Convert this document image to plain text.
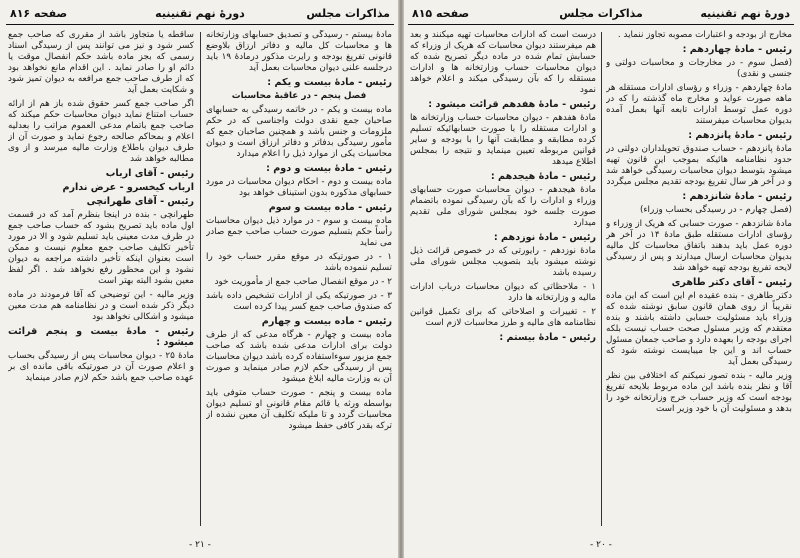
مذاکرات مجلس
دورهٔ نهم تقنینیه
صفحه ۸۱۶

مادهٔ بیستم - رسیدگی و تصدیق حسابهای وزارتخانه ها و محاسبات کل مالیه و دفاتر ارزاق بلاوضع قانونی تفریغ بودجه و رایرت مذکور درمادهٔ ۱۹ باید درجلسه علنی دیوان محاسبات بعمل آید

رئیس - مادهٔ بیست و یکم :

فصل پنجم - در عاقبهٔ محاسبات

ماده بیست و یکم - در خاتمه رسیدگی به حسابهای صاحبان جمع نقدی دولت واجناسی که در حکم ملزومات و جنس باشد و همچنین صاحبان جمع که مأمور رسیدگی بدفاتر و دفاتر ارزاق است و دیوان محاسبات یکی از موارد ذیل را اعلام میدارد

رئیس - مادهٔ بیست و دوم :

ماده بیست و دوم - احکام دیوان محاسبات در مورد حسابهای مذکوره بدون استیناف خواهد بود

رئیس - ماده بیست و سوم

ماده بیست و سوم - در موارد ذیل دیوان محاسبات رأساً حکم بتسلیم صورت حساب صاحب جمع صادر می نماید

۱ - در صورتیکه در موقع مقرر حساب خود را تسلیم ننموده باشد

۲ - در موقع انفصال صاحب جمع از مأموریت خود

۳ - در صورتیکه یکی از ادارات تشخیص داده باشد که صندوق صاحب جمع کسر پیدا کرده است

رئیس - ماده بیست و چهارم

ماده بیست و چهارم - هرگاه مدعی که از طرف دولت برای ادارات مدعی شده باشد که صاحب جمع مزبور سوءاستفاده کرده باشد دیوان محاسبات پس از رسیدگی حکم لازم صادر مینماید و صورت آن به وزارت مالیه ابلاغ میشود

ماده بیست و پنجم - صورت حساب متوفی باید بواسطه ورثه یا قائم مقام قانونی او تسلیم دیوان محاسبات گردد و تا ملیکه تکلیف آن معین نشده از ترکه بقدر کافی حفظ میشود

ساقطه یا متجاوز باشد از مقرری که صاحب جمع کسر شود و نیز می توانند پس از رسیدگی اسناد رسمی که بجز ماده باشد حکم انفصال موقت یا دائم او را صادر نماید . این اقدام مانع نخواهد بود که از طرف صاحب جمع مرافعه به دیوان تمیز شود و شکایت بعمل آید

اگر صاحب جمع کسر حقوق شده باز هم از ارائه حساب امتناع نماید دیوان محاسبات حکم میکند که صاحب جمع باتمام مدعی العموم مراتب را بعدلیه اعلام و بمحاکم صالحه رجوع نماید و صورت آن از طرف دیوان باطلاع وزارت مالیه میرسد و از وی مطالبه خواهد شد

رئیس - آقای ارباب

ارباب کیخسرو - عرض ندارم

رئیس - آقای طهرانچی

طهرانچی - بنده در اینجا بنظرم آمد که در قسمت اول ماده باید تصریح بشود که حساب صاحب جمع در ظرف مدت معینی باید تسلیم شود و الا در مورد تأخیر تکلیف صاحب جمع معلوم نیست و ممکن است بعنوان اینکه تأخیر داشته مراجعه به دیوان نشود و این محظور رفع نخواهد شد . اگر لفظ معین بشود البته بهتر است

وزیر مالیه - این توضیحی که آقا فرمودند در ماده دیگر ذکر شده است و در نظامنامه هم مدت معین میشود و اشکالی نخواهد بود

رئیس - مادهٔ بیست و پنجم قرائت میشود :

مادهٔ ۲۵ - دیوان محاسبات پس از رسیدگی بحساب و اعلام صورت آن در صورتیکه باقی مانده ای بر عهده صاحب جمع باشد حکم لازم صادر مینماید

- ۲۱ -
دورهٔ نهم تقنینیه
مذاکرات مجلس
صفحه ۸۱۵

مخارج از بودجه و اعتبارات مصوبه تجاوز ننماید .

رئیس - مادهٔ چهاردهم :

(فصل سوم - در مخارجات و محاسبات دولتی و جنسی و نقدی)

مادهٔ چهاردهم - وزراء و رؤسای ادارات مستقله هر ماهه صورت عواید و مخارج ماه گذشته را که در دوره عمل توسط ادارات تابعه آنها بعمل آمده بدیوان محاسبات میفرستند

رئیس - مادهٔ پانزدهم :

مادهٔ پانزدهم - حساب صندوق تحویلداران دولتی در حدود نظامنامه هائیکه بموجب این قانون تهیه میشود بتوسط دیوان محاسبات رسیدگی خواهد شد و در آخر هر سال تفریغ بودجه تقدیم مجلس میگردد

رئیس - مادهٔ شانزدهم :

(فصل چهارم - در رسیدگی بحساب وزراء)

مادهٔ شانزدهم - صورت حسابی که هریک از وزراء و رؤسای ادارات مستقله طبق مادهٔ ۱۴ در آخر هر دوره عمل باید بدهند باتفاق محاسبات کل مالیه بدیوان محاسبات ارسال میدارند و پس از رسیدگی لایحه تفریغ بودجه تهیه خواهد شد

رئیس - آقای دکتر طاهری

دکتر طاهری - بنده عقیده ام این است که این ماده نقریباً از روی همان قانون سابق نوشته شده که وزراء باید مسئولیت حسابی داشته باشند و بنده معتقدم که وزیر مسئول صحت حساب نیست بلکه اجرای بودجه را بعهده دارد و صاحب جمعان مسئول حساب اند و این جا میبایست نوشته شود که رسیدگی بعمل آید

وزیر مالیه - بنده تصور نمیکنم که اختلافی بین نظر آقا و نظر بنده باشد این ماده مربوط بلایحه تفریغ بودجه است که وزیر حساب خرج وزارتخانه خود را بدهد و مسئولیت آن با خود وزیر است

درست است که ادارات محاسبات تهیه میکنند و بعد هم میفرستند دیوان محاسبات که هریک از وزراء که حسابش تمام شده در ماده دیگر تصریح شده که دیوان محاسبات حساب وزارتخانه ها و ادارات مستقله را که بآن رسیدگی میکند و اعلام خواهد نمود

رئیس - مادهٔ هفدهم قرائت میشود :

مادهٔ هفدهم - دیوان محاسبات حساب وزارتخانه ها و ادارات مستقله را با صورت حسابهائیکه تسلیم کرده مطابقه و مطابقت آنها را با بودجه و سایر قوانین مربوطه تعیین مینماید و نتیجه را بمجلس اطلاع میدهد

رئیس - مادهٔ هیجدهم :

مادهٔ هیجدهم - دیوان محاسبات صورت حسابهای وزراء و ادارات را که بآن رسیدگی نموده باتضمام صورت جلسه خود بمجلس شورای ملی تقدیم میدارد

رئیس - مادهٔ نوزدهم :

مادهٔ نوزدهم - رایورتی که در خصوص قرائت ذیل نوشته میشود باید بتصویب مجلس شورای ملی رسیده باشد

۱ - ملاحظاتی که دیوان محاسبات درباب ادارات مالیه و وزارتخانه ها دارد

۲ - تغییرات و اصلاحاتی که برای تکمیل قوانین نظامنامه های مالیه و طرز محاسبات لازم است

رئیس - مادهٔ بیستم :

- ۲۰ -
